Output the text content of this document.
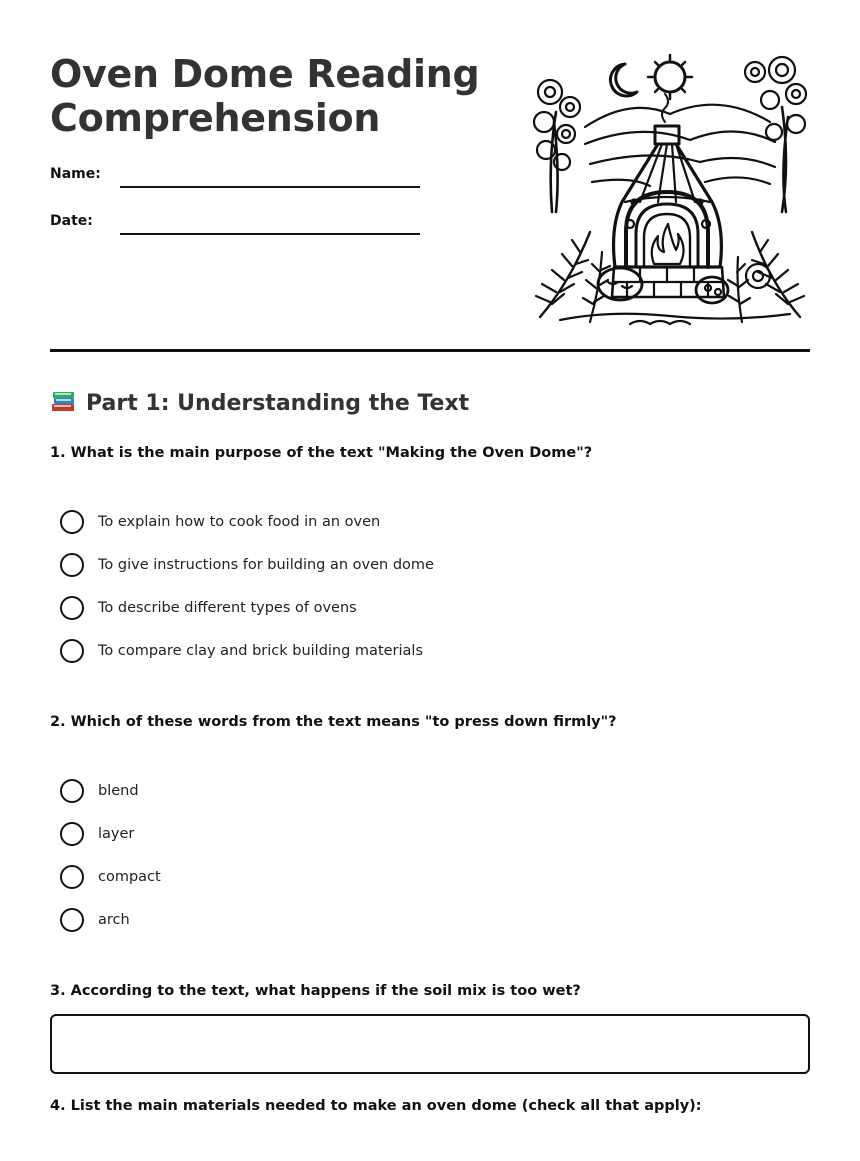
Oven Dome Reading Comprehension
Name:
Date:
Part 1: Understanding the Text
1. What is the main purpose of the text "Making the Oven Dome"?
To explain how to cook food in an oven
To give instructions for building an oven dome
To describe different types of ovens
To compare clay and brick building materials
2. Which of these words from the text means "to press down firmly"?
blend
layer
compact
arch
3. According to the text, what happens if the soil mix is too wet?
4. List the main materials needed to make an oven dome (check all that apply):
